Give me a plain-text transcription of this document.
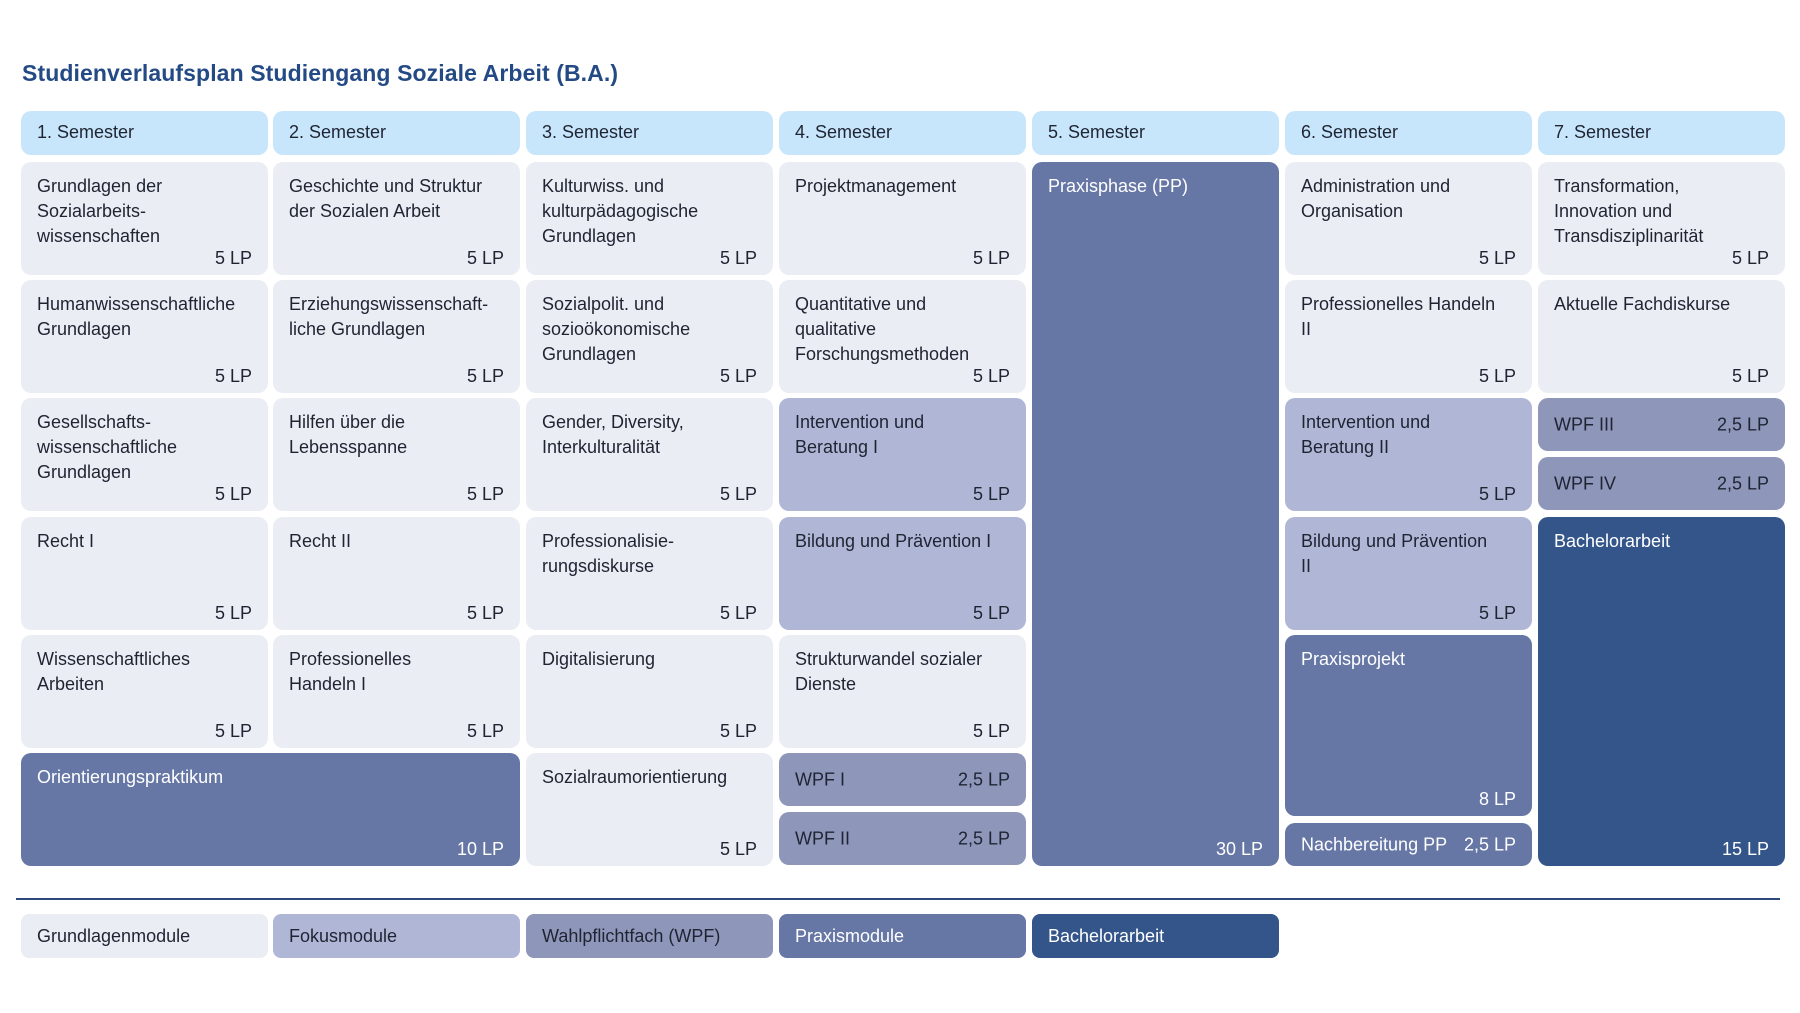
Studienverlaufsplan Studiengang Soziale Arbeit (B.A.)
1. Semester	2. Semester	3. Semester	4. Semester	5. Semester	6. Semester	7. Semester
Grundlagen der
Sozialarbeits-
wissenschaften
5 LP
Humanwissenschaftliche
Grundlagen
5 LP
Gesellschafts-
wissenschaftliche
Grundlagen
5 LP
Recht I
5 LP
Wissenschaftliches
Arbeiten
5 LP
Geschichte und Struktur
der Sozialen Arbeit
5 LP
Erziehungswissenschaft-
liche Grundlagen
5 LP
Hilfen über die
Lebensspanne
5 LP
Recht II
5 LP
Professionelles
Handeln I
5 LP
Orientierungspraktikum
10 LP
Kulturwiss. und
kulturpädagogische
Grundlagen
5 LP
Sozialpolit. und
sozioökonomische
Grundlagen
5 LP
Gender, Diversity,
Interkulturalität
5 LP
Professionalisie-
rungsdiskurse
5 LP
Digitalisierung
5 LP
Sozialraumorientierung
5 LP
Projektmanagement
5 LP
Quantitative und
qualitative
Forschungsmethoden
5 LP
Intervention und
Beratung I
5 LP
Bildung und Prävention I
5 LP
Strukturwandel sozialer
Dienste
5 LP
WPF I	2,5 LP
WPF II	2,5 LP
Praxisphase (PP)
30 LP
Administration und
Organisation
5 LP
Professionelles Handeln
II
5 LP
Intervention und
Beratung II
5 LP
Bildung und Prävention
II
5 LP
Praxisprojekt
8 LP
Nachbereitung PP 2,5 LP
Transformation,
Innovation und
Transdisziplinarität
5 LP
Aktuelle Fachdiskurse
5 LP
WPF III	2,5 LP
WPF IV	2,5 LP
Bachelorarbeit
15 LP
Grundlagenmodule	Fokusmodule	Wahlpflichtfach (WPF)	Praxismodule	Bachelorarbeit
